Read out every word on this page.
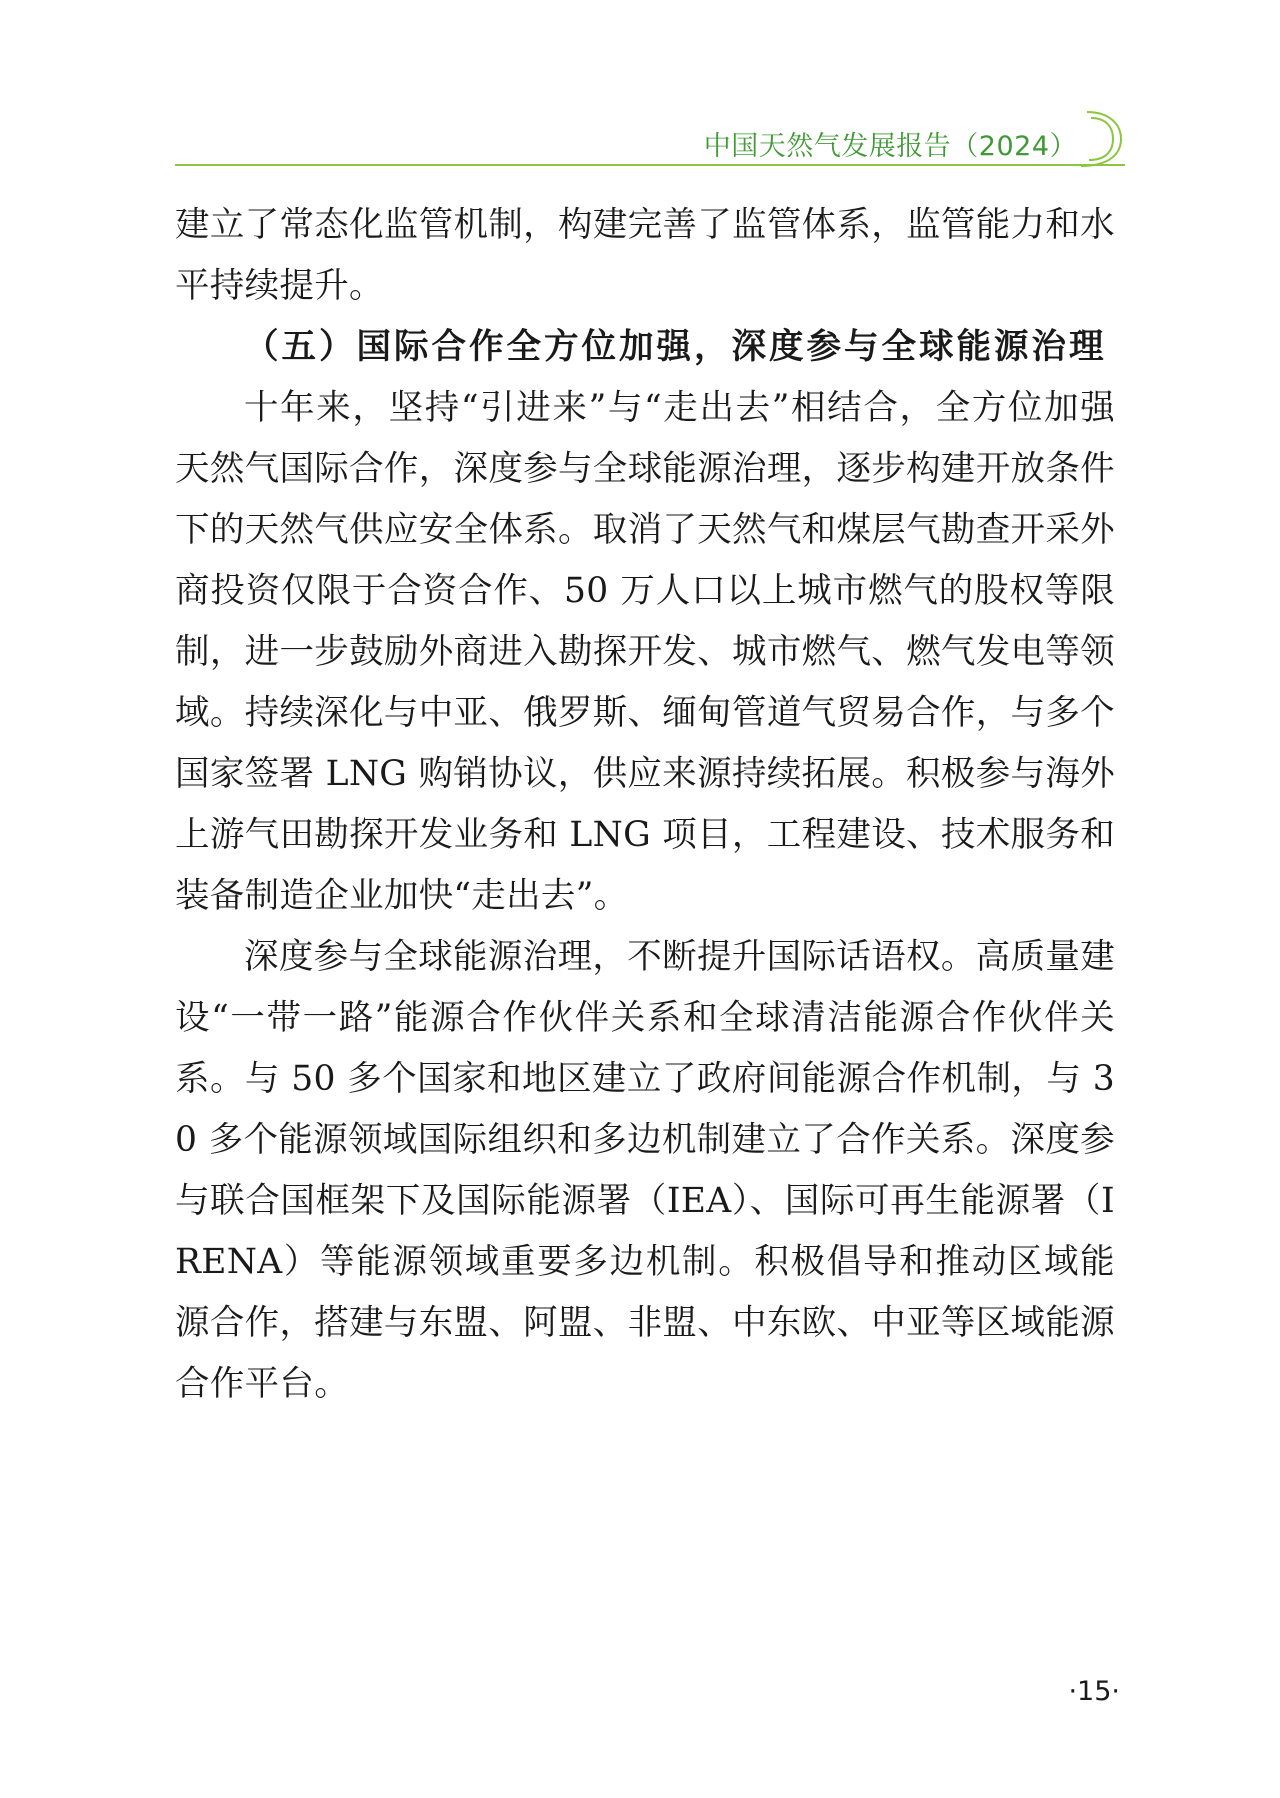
中国天然气发展报告（2024）

建立了常态化监管机制，构建完善了监管体系，监管能力和水平持续提升。

（五）国际合作全方位加强，深度参与全球能源治理

十年来，坚持“引进来”与“走出去”相结合，全方位加强天然气国际合作，深度参与全球能源治理，逐步构建开放条件下的天然气供应安全体系。取消了天然气和煤层气勘查开采外商投资仅限于合资合作、50 万人口以上城市燃气的股权等限制，进一步鼓励外商进入勘探开发、城市燃气、燃气发电等领域。持续深化与中亚、俄罗斯、缅甸管道气贸易合作，与多个国家签署 LNG 购销协议，供应来源持续拓展。积极参与海外上游气田勘探开发业务和 LNG 项目，工程建设、技术服务和装备制造企业加快“走出去”。

深度参与全球能源治理，不断提升国际话语权。高质量建设“一带一路”能源合作伙伴关系和全球清洁能源合作伙伴关系。与 50 多个国家和地区建立了政府间能源合作机制，与 30 多个能源领域国际组织和多边机制建立了合作关系。深度参与联合国框架下及国际能源署（IEA）、国际可再生能源署（IRENA）等能源领域重要多边机制。积极倡导和推动区域能源合作，搭建与东盟、阿盟、非盟、中东欧、中亚等区域能源合作平台。

·15·
